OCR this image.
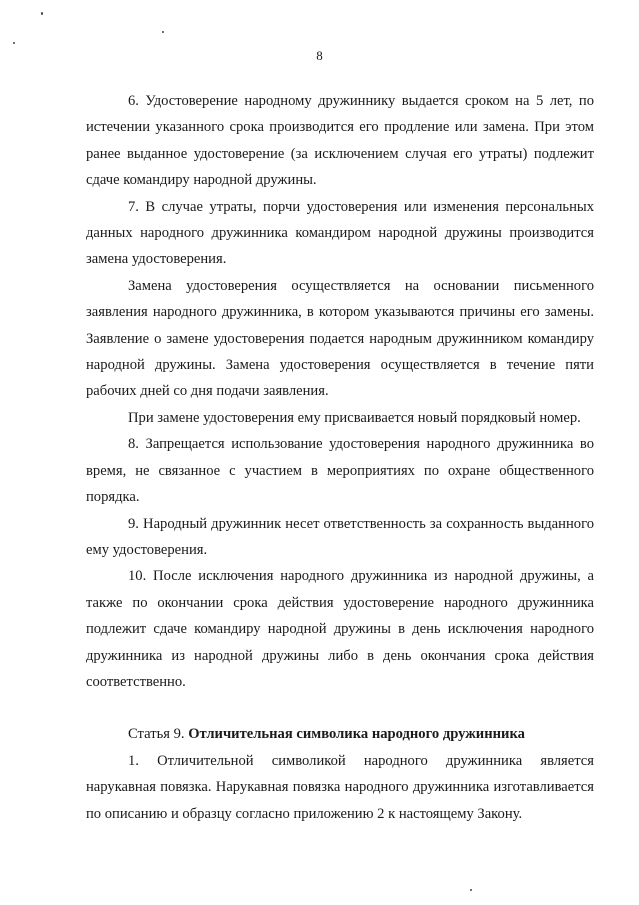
8

6. Удостоверение народному дружиннику выдается сроком на 5 лет, по истечении указанного срока производится его продление или замена. При этом ранее выданное удостоверение (за исключением случая его утраты) подлежит сдаче командиру народной дружины.

7. В случае утраты, порчи удостоверения или изменения персональных данных народного дружинника командиром народной дружины производится замена удостоверения.

Замена удостоверения осуществляется на основании письменного заявления народного дружинника, в котором указываются причины его замены. Заявление о замене удостоверения подается народным дружинником командиру народной дружины. Замена удостоверения осуществляется в течение пяти рабочих дней со дня подачи заявления.

При замене удостоверения ему присваивается новый порядковый номер.

8. Запрещается использование удостоверения народного дружинника во время, не связанное с участием в мероприятиях по охране общественного порядка.

9. Народный дружинник несет ответственность за сохранность выданного ему удостоверения.

10. После исключения народного дружинника из народной дружины, а также по окончании срока действия удостоверение народного дружинника подлежит сдаче командиру народной дружины в день исключения народного дружинника из народной дружины либо в день окончания срока действия соответственно.

Статья 9. Отличительная символика народного дружинника

1. Отличительной символикой народного дружинника является нарукавная повязка. Нарукавная повязка народного дружинника изготавливается по описанию и образцу согласно приложению 2 к настоящему Закону.
